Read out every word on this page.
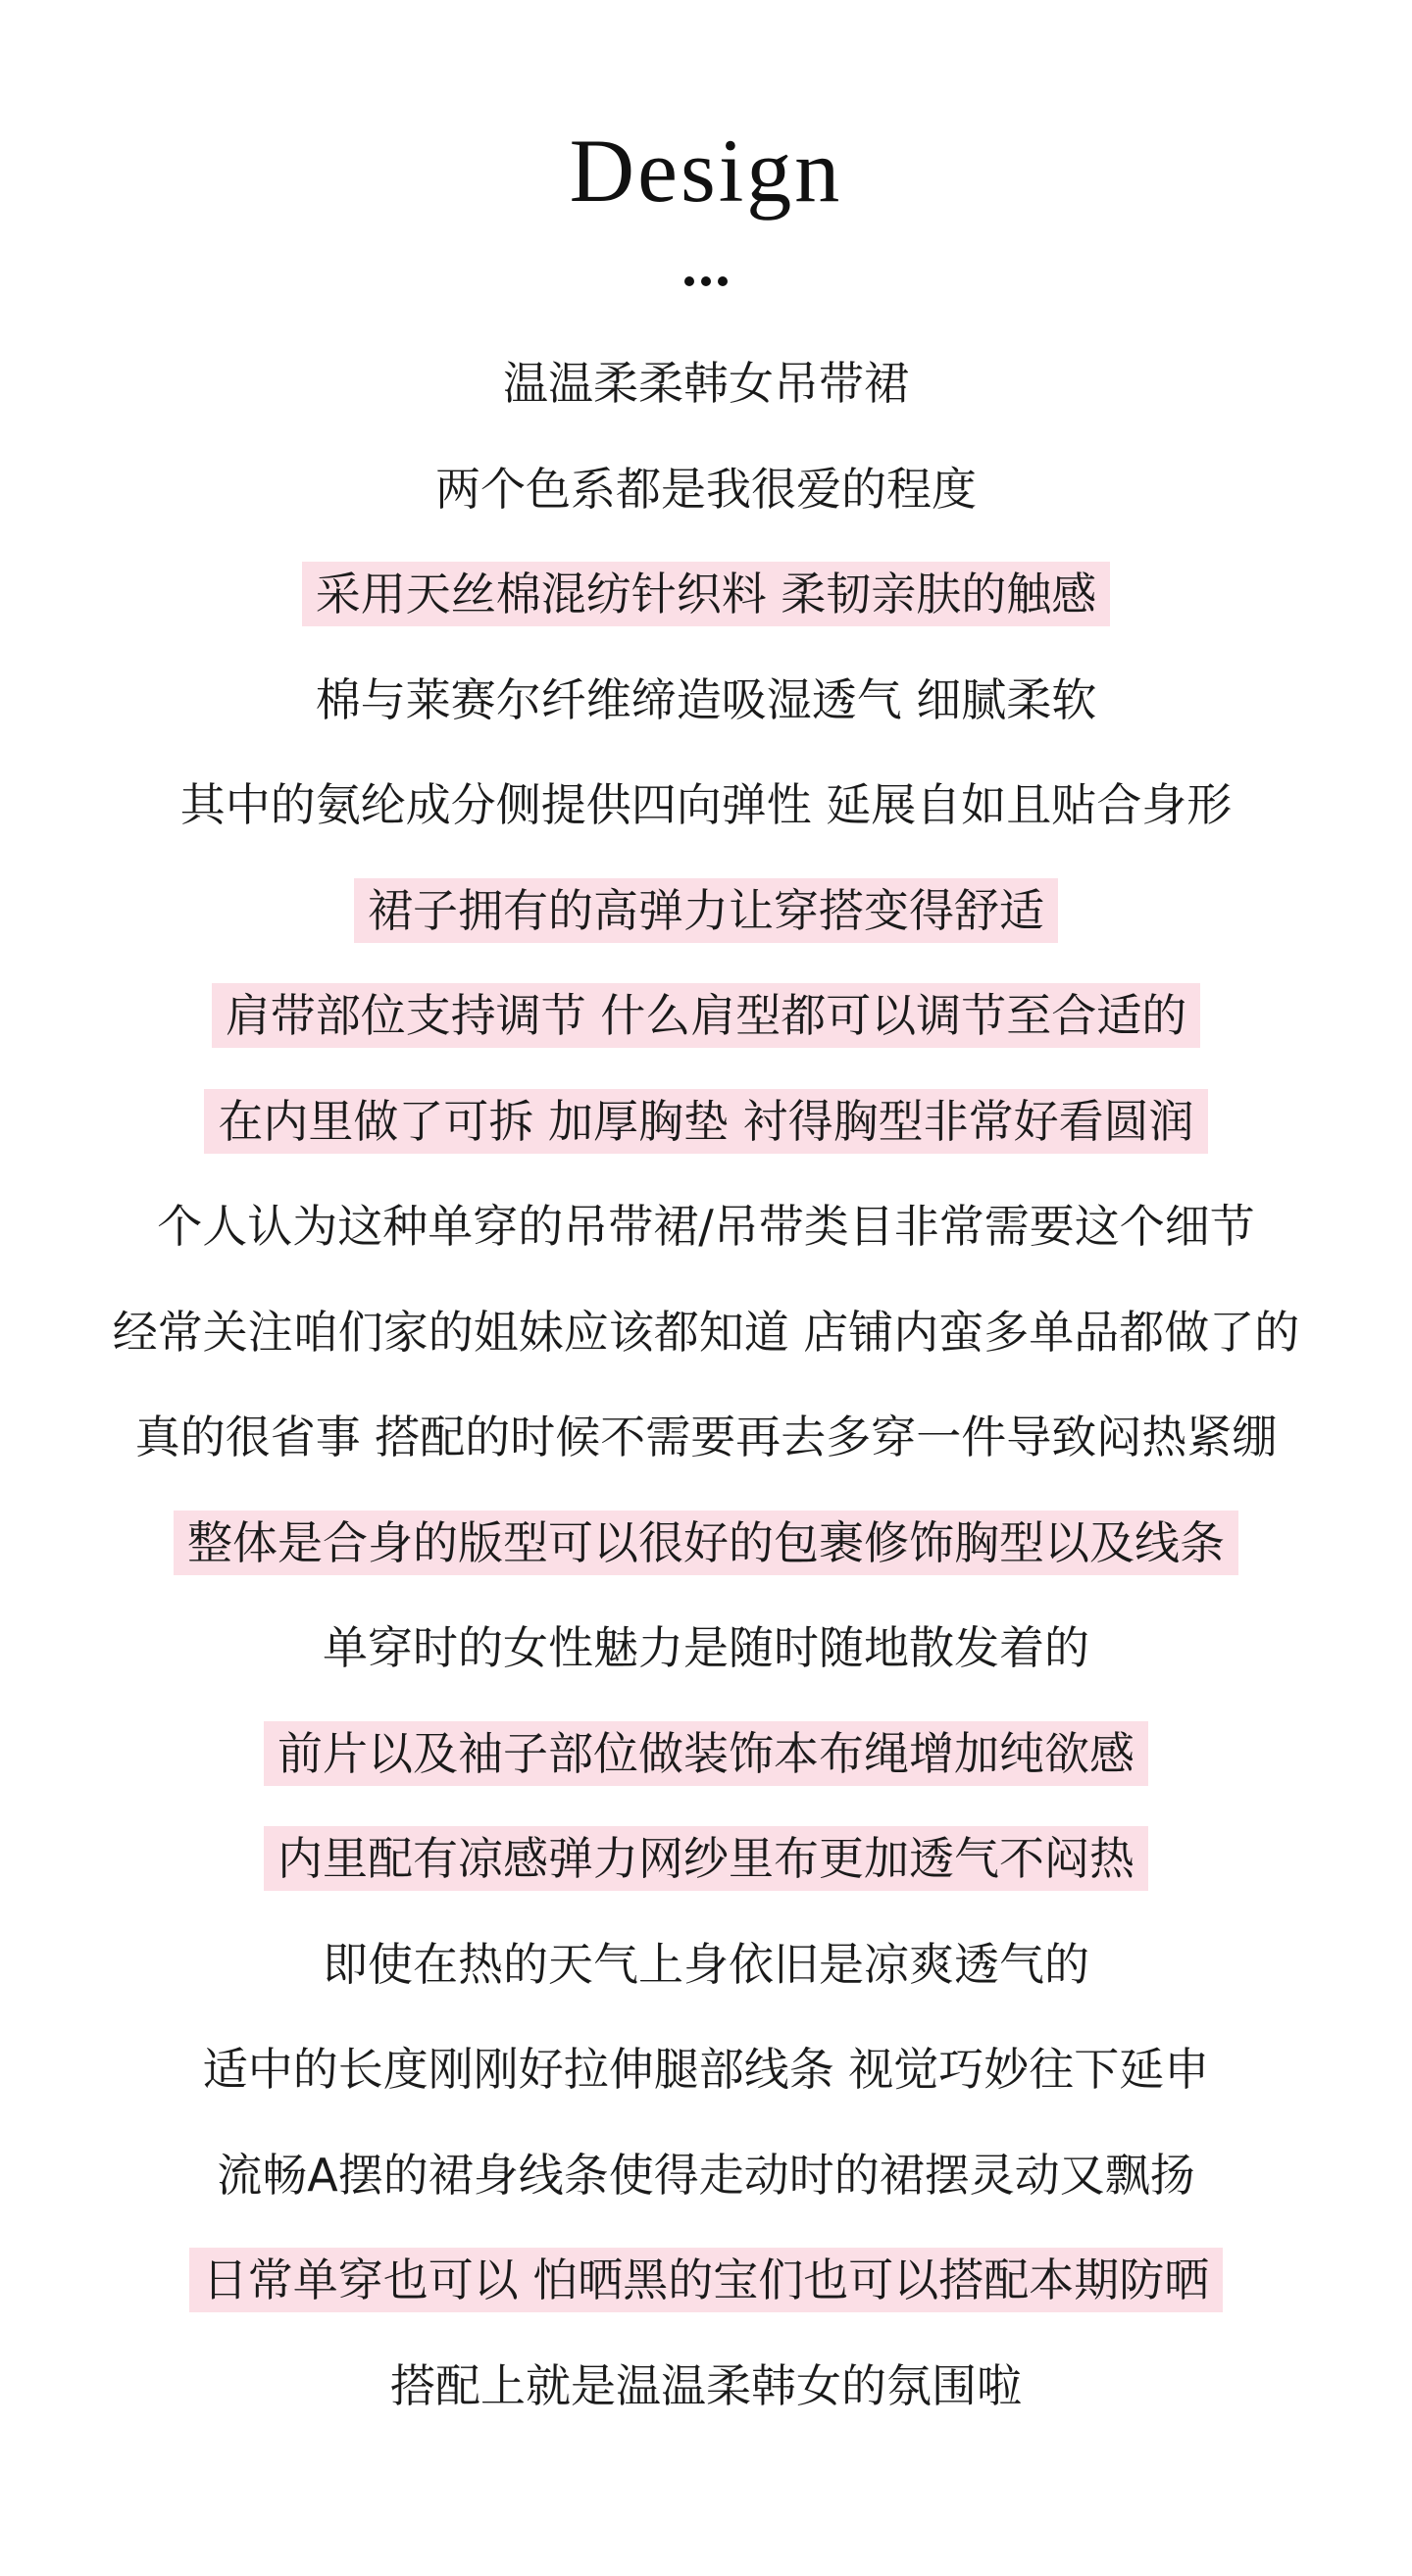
Design
温温柔柔韩女吊带裙
两个色系都是我很爱的程度
采用天丝棉混纺针织料 柔韧亲肤的触感
棉与莱赛尔纤维缔造吸湿透气 细腻柔软
其中的氨纶成分侧提供四向弹性 延展自如且贴合身形
裙子拥有的高弹力让穿搭变得舒适
肩带部位支持调节 什么肩型都可以调节至合适的
在内里做了可拆 加厚胸垫 衬得胸型非常好看圆润
个人认为这种单穿的吊带裙/吊带类目非常需要这个细节
经常关注咱们家的姐妹应该都知道 店铺内蛮多单品都做了的
真的很省事 搭配的时候不需要再去多穿一件导致闷热紧绷
整体是合身的版型可以很好的包裹修饰胸型以及线条
单穿时的女性魅力是随时随地散发着的
前片以及袖子部位做装饰本布绳增加纯欲感
内里配有凉感弹力网纱里布更加透气不闷热
即使在热的天气上身依旧是凉爽透气的
适中的长度刚刚好拉伸腿部线条 视觉巧妙往下延申
流畅A摆的裙身线条使得走动时的裙摆灵动又飘扬
日常单穿也可以 怕晒黑的宝们也可以搭配本期防晒
搭配上就是温温柔韩女的氛围啦
